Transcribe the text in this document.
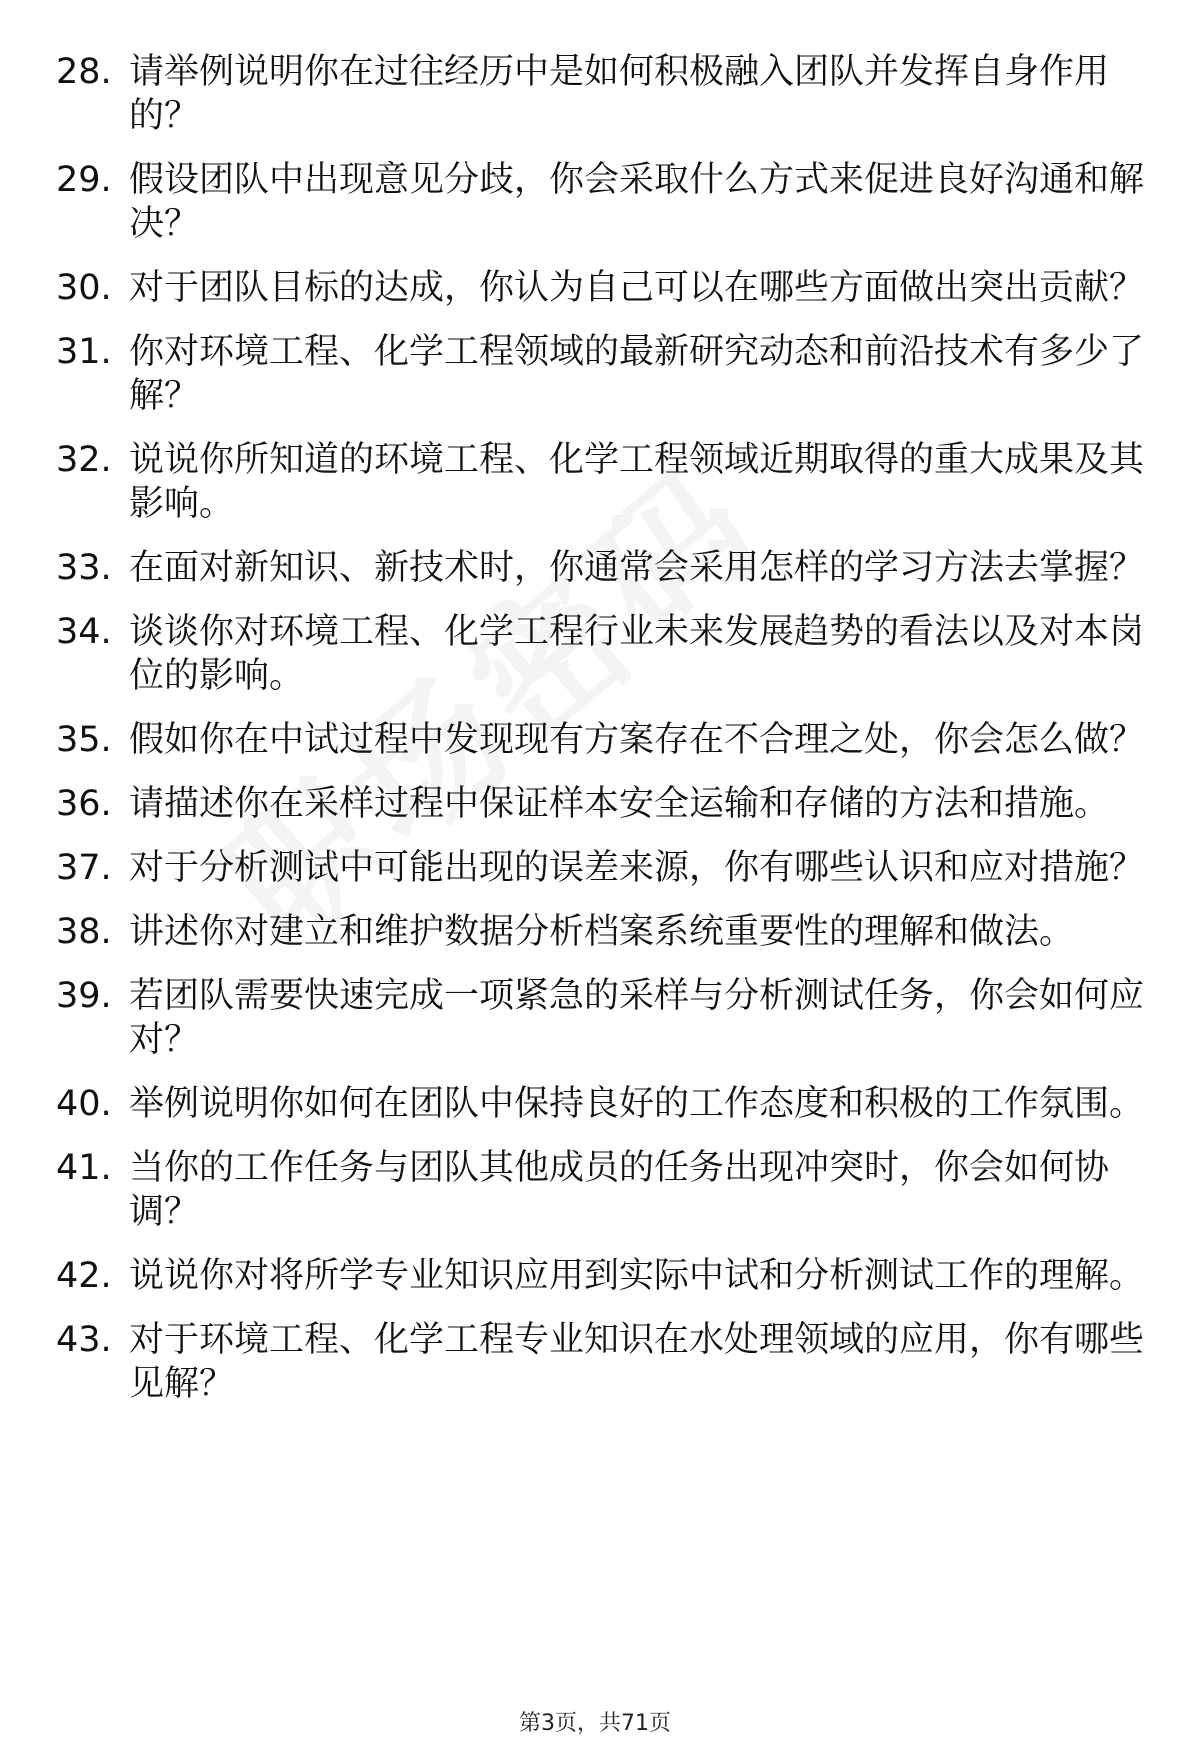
28. 请举例说明你在过往经历中是如何积极融入团队并发挥自身作用的？
29. 假设团队中出现意见分歧，你会采取什么方式来促进良好沟通和解决？
30. 对于团队目标的达成，你认为自己可以在哪些方面做出突出贡献？
31. 你对环境工程、化学工程领域的最新研究动态和前沿技术有多少了解？
32. 说说你所知道的环境工程、化学工程领域近期取得的重大成果及其影响。
33. 在面对新知识、新技术时，你通常会采用怎样的学习方法去掌握？
34. 谈谈你对环境工程、化学工程行业未来发展趋势的看法以及对本岗位的影响。
35. 假如你在中试过程中发现现有方案存在不合理之处，你会怎么做？
36. 请描述你在采样过程中保证样本安全运输和存储的方法和措施。
37. 对于分析测试中可能出现的误差来源，你有哪些认识和应对措施？
38. 讲述你对建立和维护数据分析档案系统重要性的理解和做法。
39. 若团队需要快速完成一项紧急的采样与分析测试任务，你会如何应对？
40. 举例说明你如何在团队中保持良好的工作态度和积极的工作氛围。
41. 当你的工作任务与团队其他成员的任务出现冲突时，你会如何协调？
42. 说说你对将所学专业知识应用到实际中试和分析测试工作的理解。
43. 对于环境工程、化学工程专业知识在水处理领域的应用，你有哪些见解？
第3页，共71页
